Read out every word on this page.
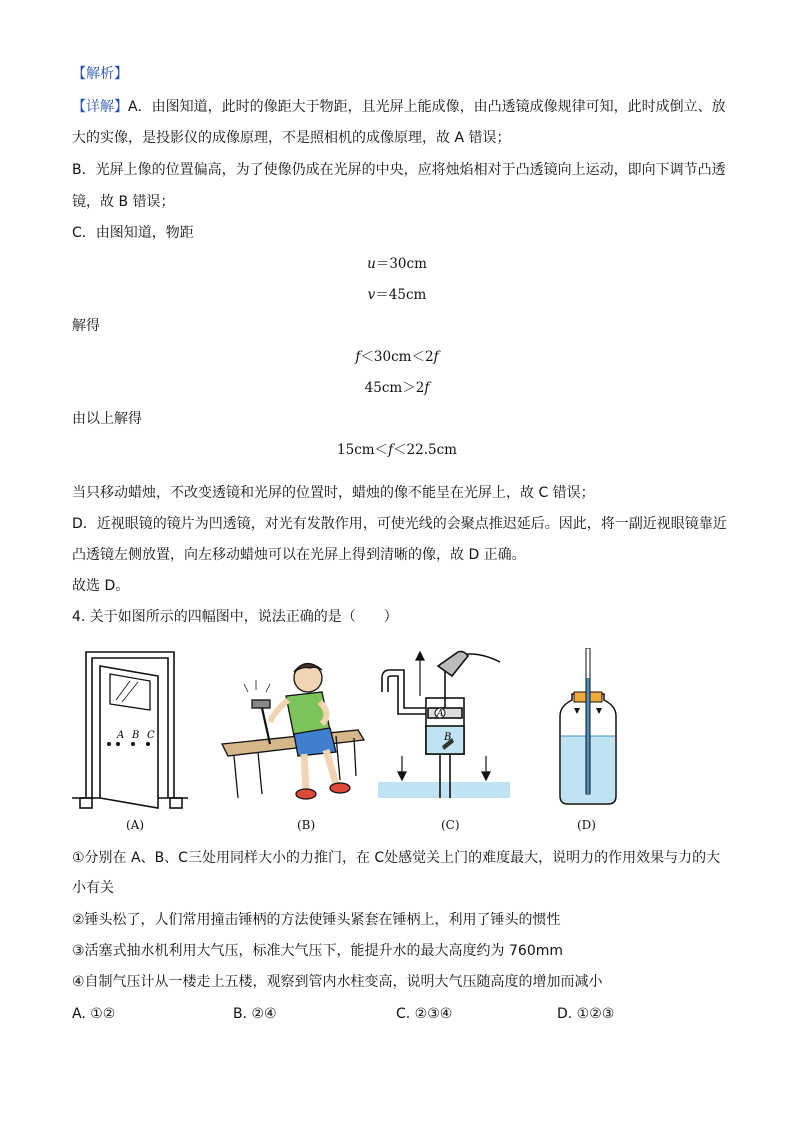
【解析】
【详解】A．由图知道，此时的像距大于物距，且光屏上能成像，由凸透镜成像规律可知，此时成倒立、放
大的实像，是投影仪的成像原理，不是照相机的成像原理，故 A 错误；
B．光屏上像的位置偏高，为了使像仍成在光屏的中央，应将烛焰相对于凸透镜向上运动，即向下调节凸透
镜，故 B 错误；
C．由图知道，物距
u＝30cm
v＝45cm
解得
f＜30cm＜2f
45cm＞2f
由以上解得
15cm＜f＜22.5cm
当只移动蜡烛，不改变透镜和光屏的位置时，蜡烛的像不能呈在光屏上，故 C 错误；
D．近视眼镜的镜片为凹透镜，对光有发散作用，可使光线的会聚点推迟延后。因此，将一副近视眼镜靠近
凸透镜左侧放置，向左移动蜡烛可以在光屏上得到清晰的像，故 D 正确。
故选 D。
4. 关于如图所示的四幅图中，说法正确的是（　　）
A B C
A
B
(A)	(B)	(C)	(D)
①分别在 A、B、C三处用同样大小的力推门，在 C处感觉关上门的难度最大，说明力的作用效果与力的大
小有关
②锤头松了，人们常用撞击锤柄的方法使锤头紧套在锤柄上，利用了锤头的惯性
③活塞式抽水机利用大气压，标准大气压下，能提升水的最大高度约为 760mm
④自制气压计从一楼走上五楼，观察到管内水柱变高，说明大气压随高度的增加而减小
A. ①②	B. ②④	C. ②③④	D. ①②③
